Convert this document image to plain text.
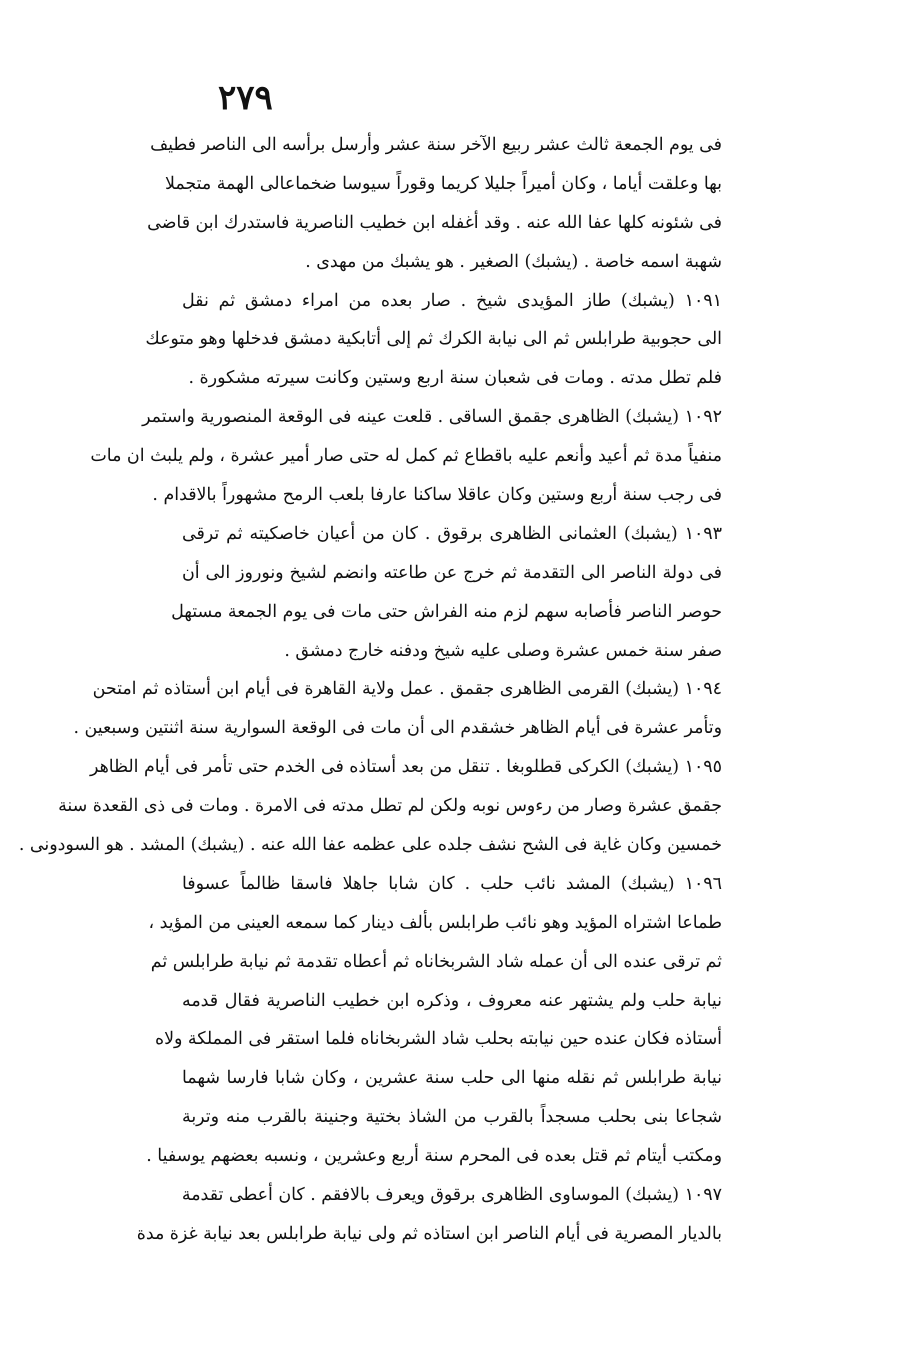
٢٧٩
فى يوم الجمعة ثالث عشر ربيع الآخر سنة عشر وأرسل برأسه الى الناصر فطيف
بها وعلقت أياما ، وكان أميراً جليلا كريما وقوراً سيوسا ضخماعالى الهمة متجملا
فى شئونه كلها عفا الله عنه . وقد أغفله ابن خطيب الناصرية فاستدرك ابن قاضى
شهبة اسمه خاصة . (يشبك) الصغير . هو يشبك من مهدى .
١٠٩١ (يشبك) طاز المؤيدى شيخ . صار بعده من امراء دمشق ثم نقل
الى حجوبية طرابلس ثم الى نيابة الكرك ثم إلى أتابكية دمشق فدخلها وهو متوعك
فلم تطل مدته . ومات فى شعبان سنة اربع وستين وكانت سيرته مشكورة .
١٠٩٢ (يشبك) الظاهرى جقمق الساقى . قلعت عينه فى الوقعة المنصورية واستمر
منفياً مدة ثم أعيد وأنعم عليه باقطاع ثم كمل له حتى صار أمير عشرة ، ولم يلبث ان مات
فى رجب سنة أربع وستين وكان عاقلا ساكنا عارفا بلعب الرمح مشهوراً بالاقدام .
١٠٩٣ (يشبك) العثمانى الظاهرى برقوق . كان من أعيان خاصكيته ثم ترقى
فى دولة الناصر الى التقدمة ثم خرج عن طاعته وانضم لشيخ ونوروز الى أن
حوصر الناصر فأصابه سهم لزم منه الفراش حتى مات فى يوم الجمعة مستهل
صفر سنة خمس عشرة وصلى عليه شيخ ودفنه خارج دمشق .
١٠٩٤ (يشبك) القرمى الظاهرى جقمق . عمل ولاية القاهرة فى أيام ابن أستاذه ثم امتحن
وتأمر عشرة فى أيام الظاهر خشقدم الى أن مات فى الوقعة السوارية سنة اثنتين وسبعين .
١٠٩٥ (يشبك) الكركى قطلوبغا . تنقل من بعد أستاذه فى الخدم حتى تأمر فى أيام الظاهر
جقمق عشرة وصار من رءوس نوبه ولكن لم تطل مدته فى الامرة . ومات فى ذى القعدة سنة
خمسين وكان غاية فى الشح نشف جلده على عظمه عفا الله عنه . (يشبك) المشد . هو السودونى .
١٠٩٦ (يشبك) المشد نائب حلب . كان شابا جاهلا فاسقا ظالماً عسوفا
طماعا اشتراه المؤيد وهو نائب طرابلس بألف دينار كما سمعه العينى من المؤيد ،
ثم ترقى عنده الى أن عمله شاد الشربخاناه ثم أعطاه تقدمة ثم نيابة طرابلس ثم
نيابة حلب ولم يشتهر عنه معروف ، وذكره ابن خطيب الناصرية فقال قدمه
أستاذه فكان عنده حين نيابته بحلب شاد الشربخاناه فلما استقر فى المملكة ولاه
نيابة طرابلس ثم نقله منها الى حلب سنة عشرين ، وكان شابا فارسا شهما
شجاعا بنى بحلب مسجداً بالقرب من الشاذ بختية وجنينة بالقرب منه وتربة
ومكتب أيتام ثم قتل بعده فى المحرم سنة أربع وعشرين ، ونسبه بعضهم يوسفيا .
١٠٩٧ (يشبك) الموساوى الظاهرى برقوق ويعرف بالافقم . كان أعطى تقدمة
بالديار المصرية فى أيام الناصر ابن استاذه ثم ولى نيابة طرابلس بعد نيابة غزة مدة
